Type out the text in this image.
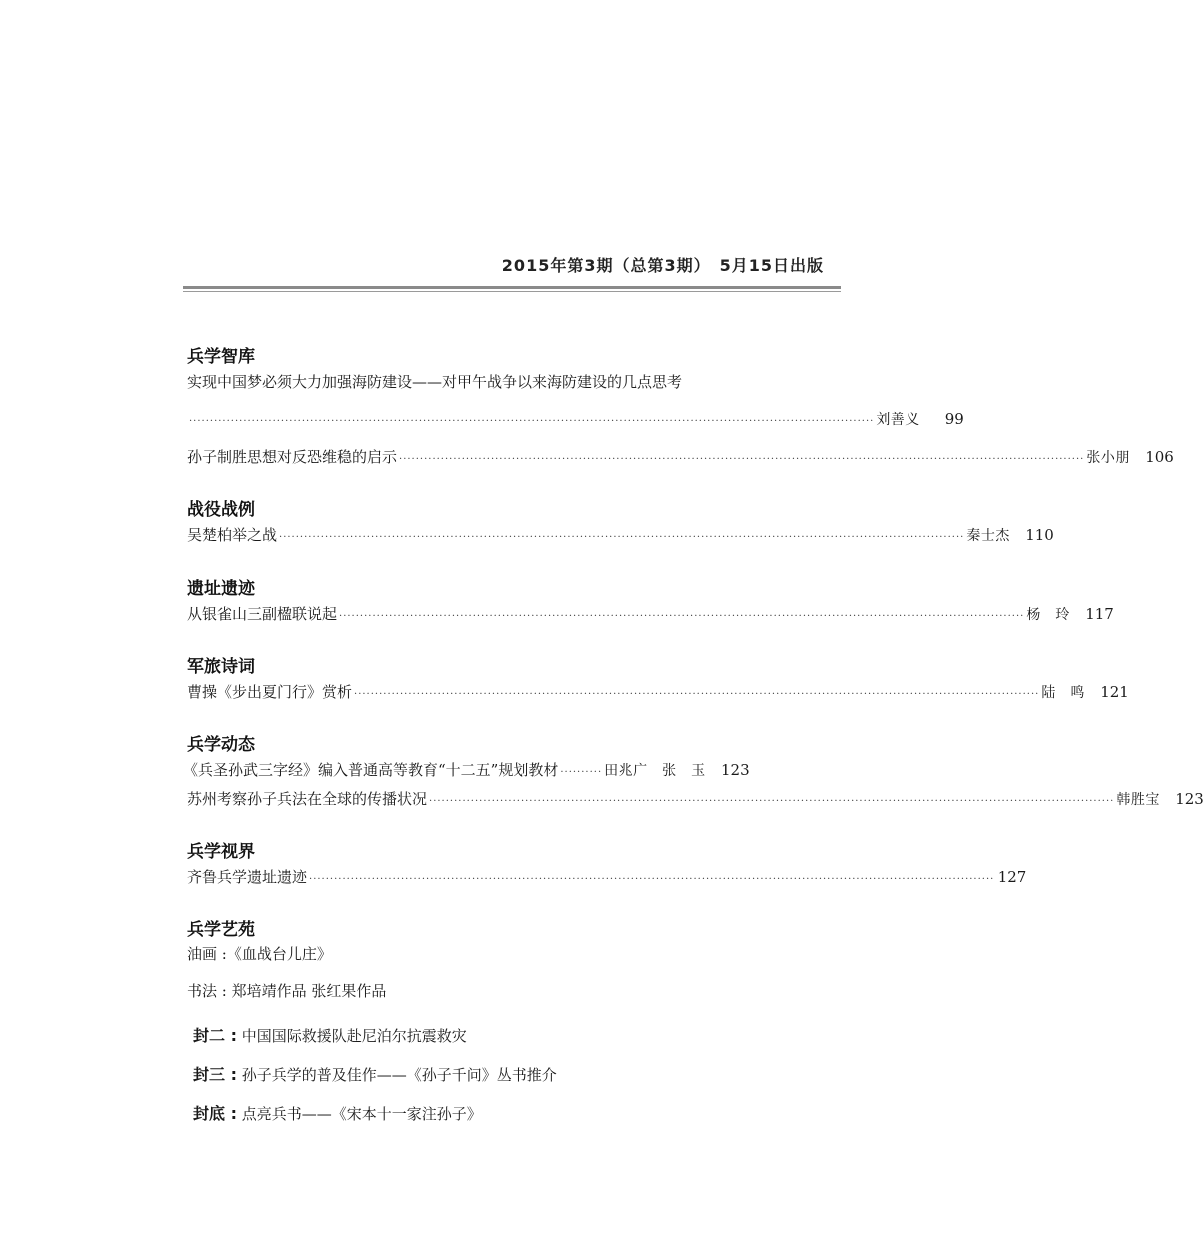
2015年第3期（总第3期）　5月15日出版
兵学智库
实现中国梦必须大力加强海防建设——对甲午战争以来海防建设的几点思考
···································································································································································· 刘善义	99
孙子制胜思想对反恐维稳的启示 ···································································································································································· 张小朋	106
战役战例
吴楚柏举之战 ···································································································································································· 秦士杰	110
遗址遗迹
从银雀山三副楹联说起 ···································································································································································· 杨　玲	117
军旅诗词
曹操《步出夏门行》赏析 ···································································································································································· 陆　鸣	121
兵学动态
《兵圣孙武三字经》编入普通高等教育“十二五”规划教材 ·········· 田兆广　张　玉	123
苏州考察孙子兵法在全球的传播状况 ···································································································································································· 韩胜宝	123
兵学视界
齐鲁兵学遗址遗迹 ···································································································································································· 127
兵学艺苑
油画 :《血战台儿庄》
书法 : 郑培靖作品 张红果作品
封二 : 中国国际救援队赴尼泊尔抗震救灾
封三 : 孙子兵学的普及佳作——《孙子千问》丛书推介
封底 : 点亮兵书——《宋本十一家注孙子》
